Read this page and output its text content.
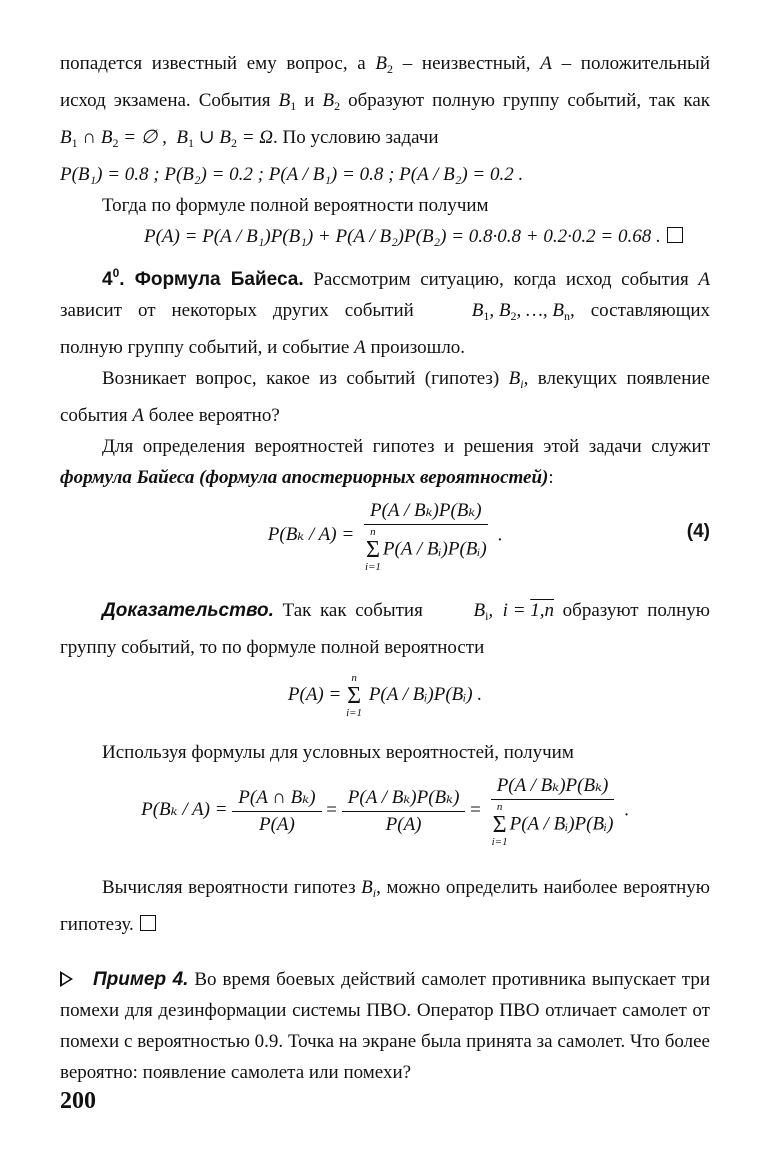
попадется известный ему вопрос, а $B_2$ – неизвестный, A – положительный исход экзамена. События $B_1$ и $B_2$ образуют полную группу событий, так как $B_1$ ∩ $B_2$ = ∅ ,  $B_1$ ∪ $B_2 = \Omega$. По условию задачи

P(B₁) = 0.8 ; P(B₂) = 0.2 ; P(A / B₁) = 0.8 ; P(A / B₂) = 0.2 .

Тогда по формуле полной вероятности получим

P(A) = P(A / B₁)P(B₁) + P(A / B₂)P(B₂) = 0.8·0.8 + 0.2·0.2 = 0.68 .

$4^0$. Формула Байеса. Рассмотрим ситуацию, когда исход события A зависит от некоторых других событий $B_1$, $B_2$, …, $B_n$, составляющих полную группу событий, и событие A произошло.

Возникает вопрос, какое из событий (гипотез) $B_i$, влекущих появление события A более вероятно?

Для определения вероятностей гипотез и решения этой задачи служит формула Байеса (формула апостериорных вероятностей):

P(Bₖ / A) = P(A / Bₖ)P(Bₖ)
n
Σ
i=1
P(A / Bᵢ)P(Bᵢ) .	(4)

Доказательство. Так как события $B_i$,  i = 1,n образуют полную группу событий, то по формуле полной вероятности

P(A) =
n
Σ
i=1
P(A / Bᵢ)P(Bᵢ) .

Используя формулы для условных вероятностей, получим

$P(B_k / A) = \frac{\text{P(A ∩ Bₖ)}}{P(A)} = \frac{\text{P(A / Bₖ)P(Bₖ)}}{P(A)} = P(A / B_k)P(B_k)$
n
Σ
i=1
P(A / Bᵢ)P(Bᵢ) .

Вычисляя вероятности гипотез $B_i$, можно определить наиболее вероятную гипотезу.

Пример 4. Во время боевых действий самолет противника выпускает три помехи для дезинформации системы ПВО. Оператор ПВО отличает самолет от помехи с вероятностью 0.9. Точка на экране была принята за самолет. Что более вероятно: появление самолета или помехи?

200
